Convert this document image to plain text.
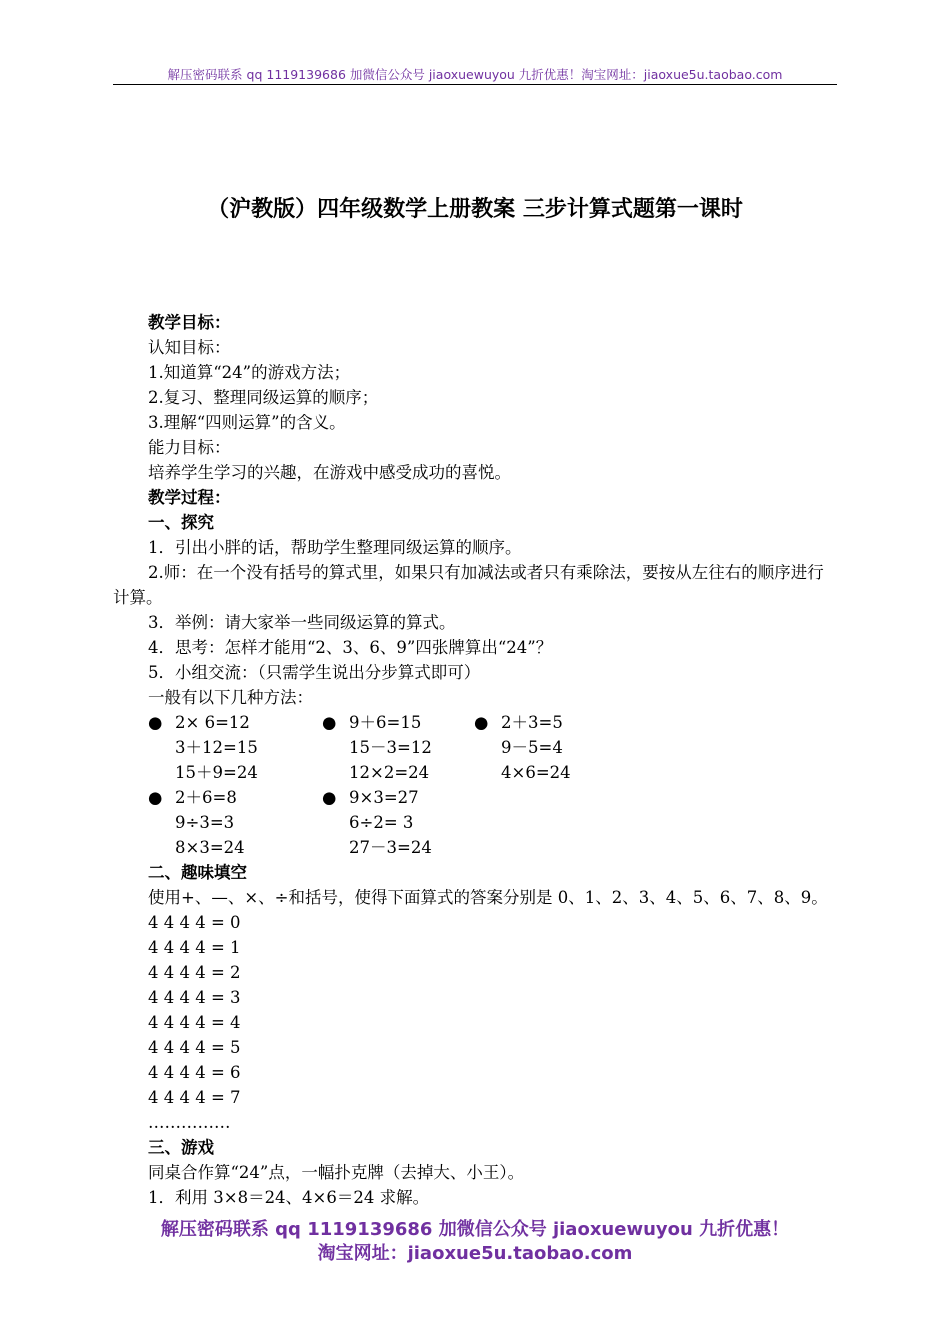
解压密码联系 qq 1119139686 加微信公众号 jiaoxuewuyou 九折优惠！淘宝网址：jiaoxue5u.taobao.com
（沪教版）四年级数学上册教案 三步计算式题第一课时
教学目标：
认知目标：
1.知道算“24”的游戏方法；
2.复习、整理同级运算的顺序；
3.理解“四则运算”的含义。
能力目标：
培养学生学习的兴趣，在游戏中感受成功的喜悦。
教学过程：
一、探究
1．引出小胖的话，帮助学生整理同级运算的顺序。
2.师：在一个没有括号的算式里，如果只有加减法或者只有乘除法，要按从左往右的顺序进行计算。
3．举例：请大家举一些同级运算的算式。
4．思考：怎样才能用“2、3、6、9”四张牌算出“24”？
5．小组交流：（只需学生说出分步算式即可）
一般有以下几种方法：
● 2× 6=12	● 9＋6=15	● 2＋3=5
3＋12=15	15－3=12	9－5=4
15＋9=24	12×2=24	4×6=24
● 2＋6=8	● 9×3=27
9÷3=3	6÷2= 3
8×3=24	27－3=24
二、趣味填空
使用+、—、×、÷和括号，使得下面算式的答案分别是 0、1、2、3、4、5、6、7、8、9。
4 4 4 4 = 0
4 4 4 4 = 1
4 4 4 4 = 2
4 4 4 4 = 3
4 4 4 4 = 4
4 4 4 4 = 5
4 4 4 4 = 6
4 4 4 4 = 7
……………
三、游戏
同桌合作算“24”点，一幅扑克牌（去掉大、小王）。
1．利用 3×8＝24、4×6＝24 求解。
解压密码联系 qq 1119139686 加微信公众号 jiaoxuewuyou 九折优惠！
淘宝网址：jiaoxue5u.taobao.com
